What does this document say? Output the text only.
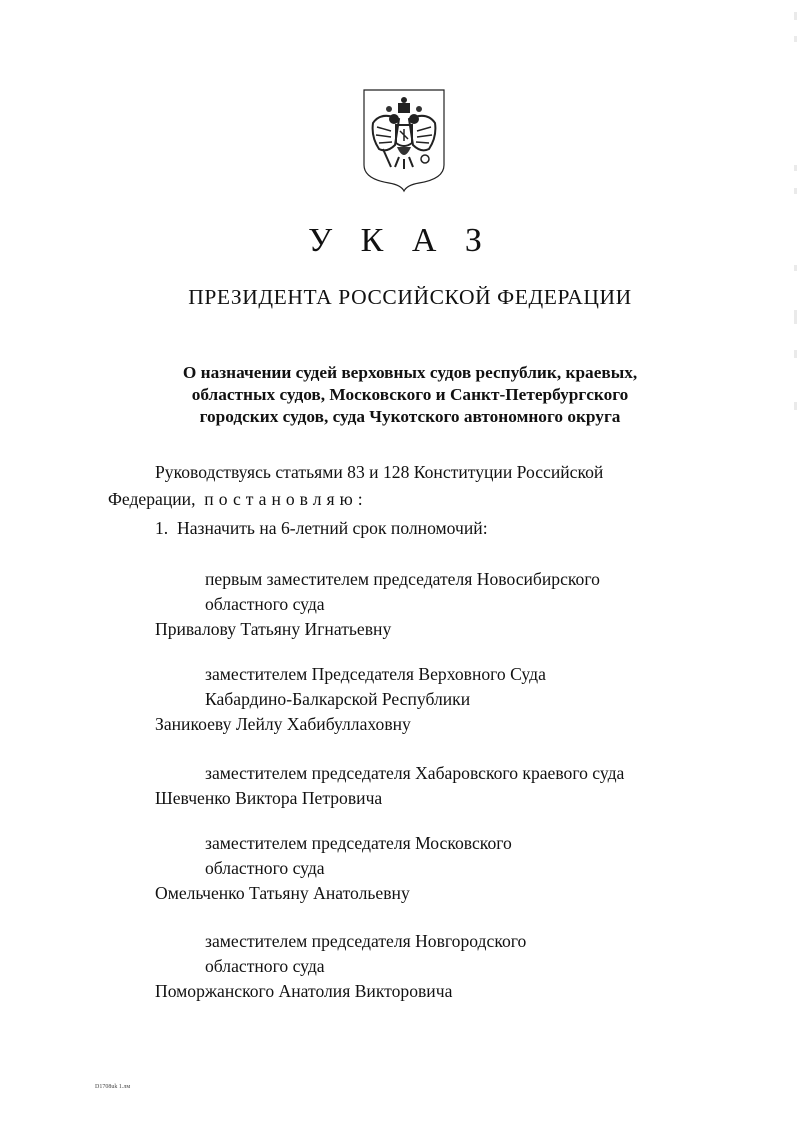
У К А З
ПРЕЗИДЕНТА РОССИЙСКОЙ ФЕДЕРАЦИИ
О назначении судей верховных судов республик, краевых,
областных судов, Московского и Санкт-Петербургского
городских судов, суда Чукотского автономного округа
Руководствуясь статьями 83 и 128 Конституции Российской
Федерации, постановляю:
1.  Назначить на 6-летний срок полномочий:
первым заместителем председателя Новосибирского
областного суда
Привалову Татьяну Игнатьевну
заместителем Председателя Верховного Суда
Кабардино-Балкарской Республики
Заникоеву Лейлу Хабибуллаховну
заместителем председателя Хабаровского краевого суда
Шевченко Виктора Петровича
заместителем председателя Московского
областного суда
Омельченко Татьяну Анатольевну
заместителем председателя Новгородского
областного суда
Поморжанского Анатолия Викторовича
D1708uk 1.лм
